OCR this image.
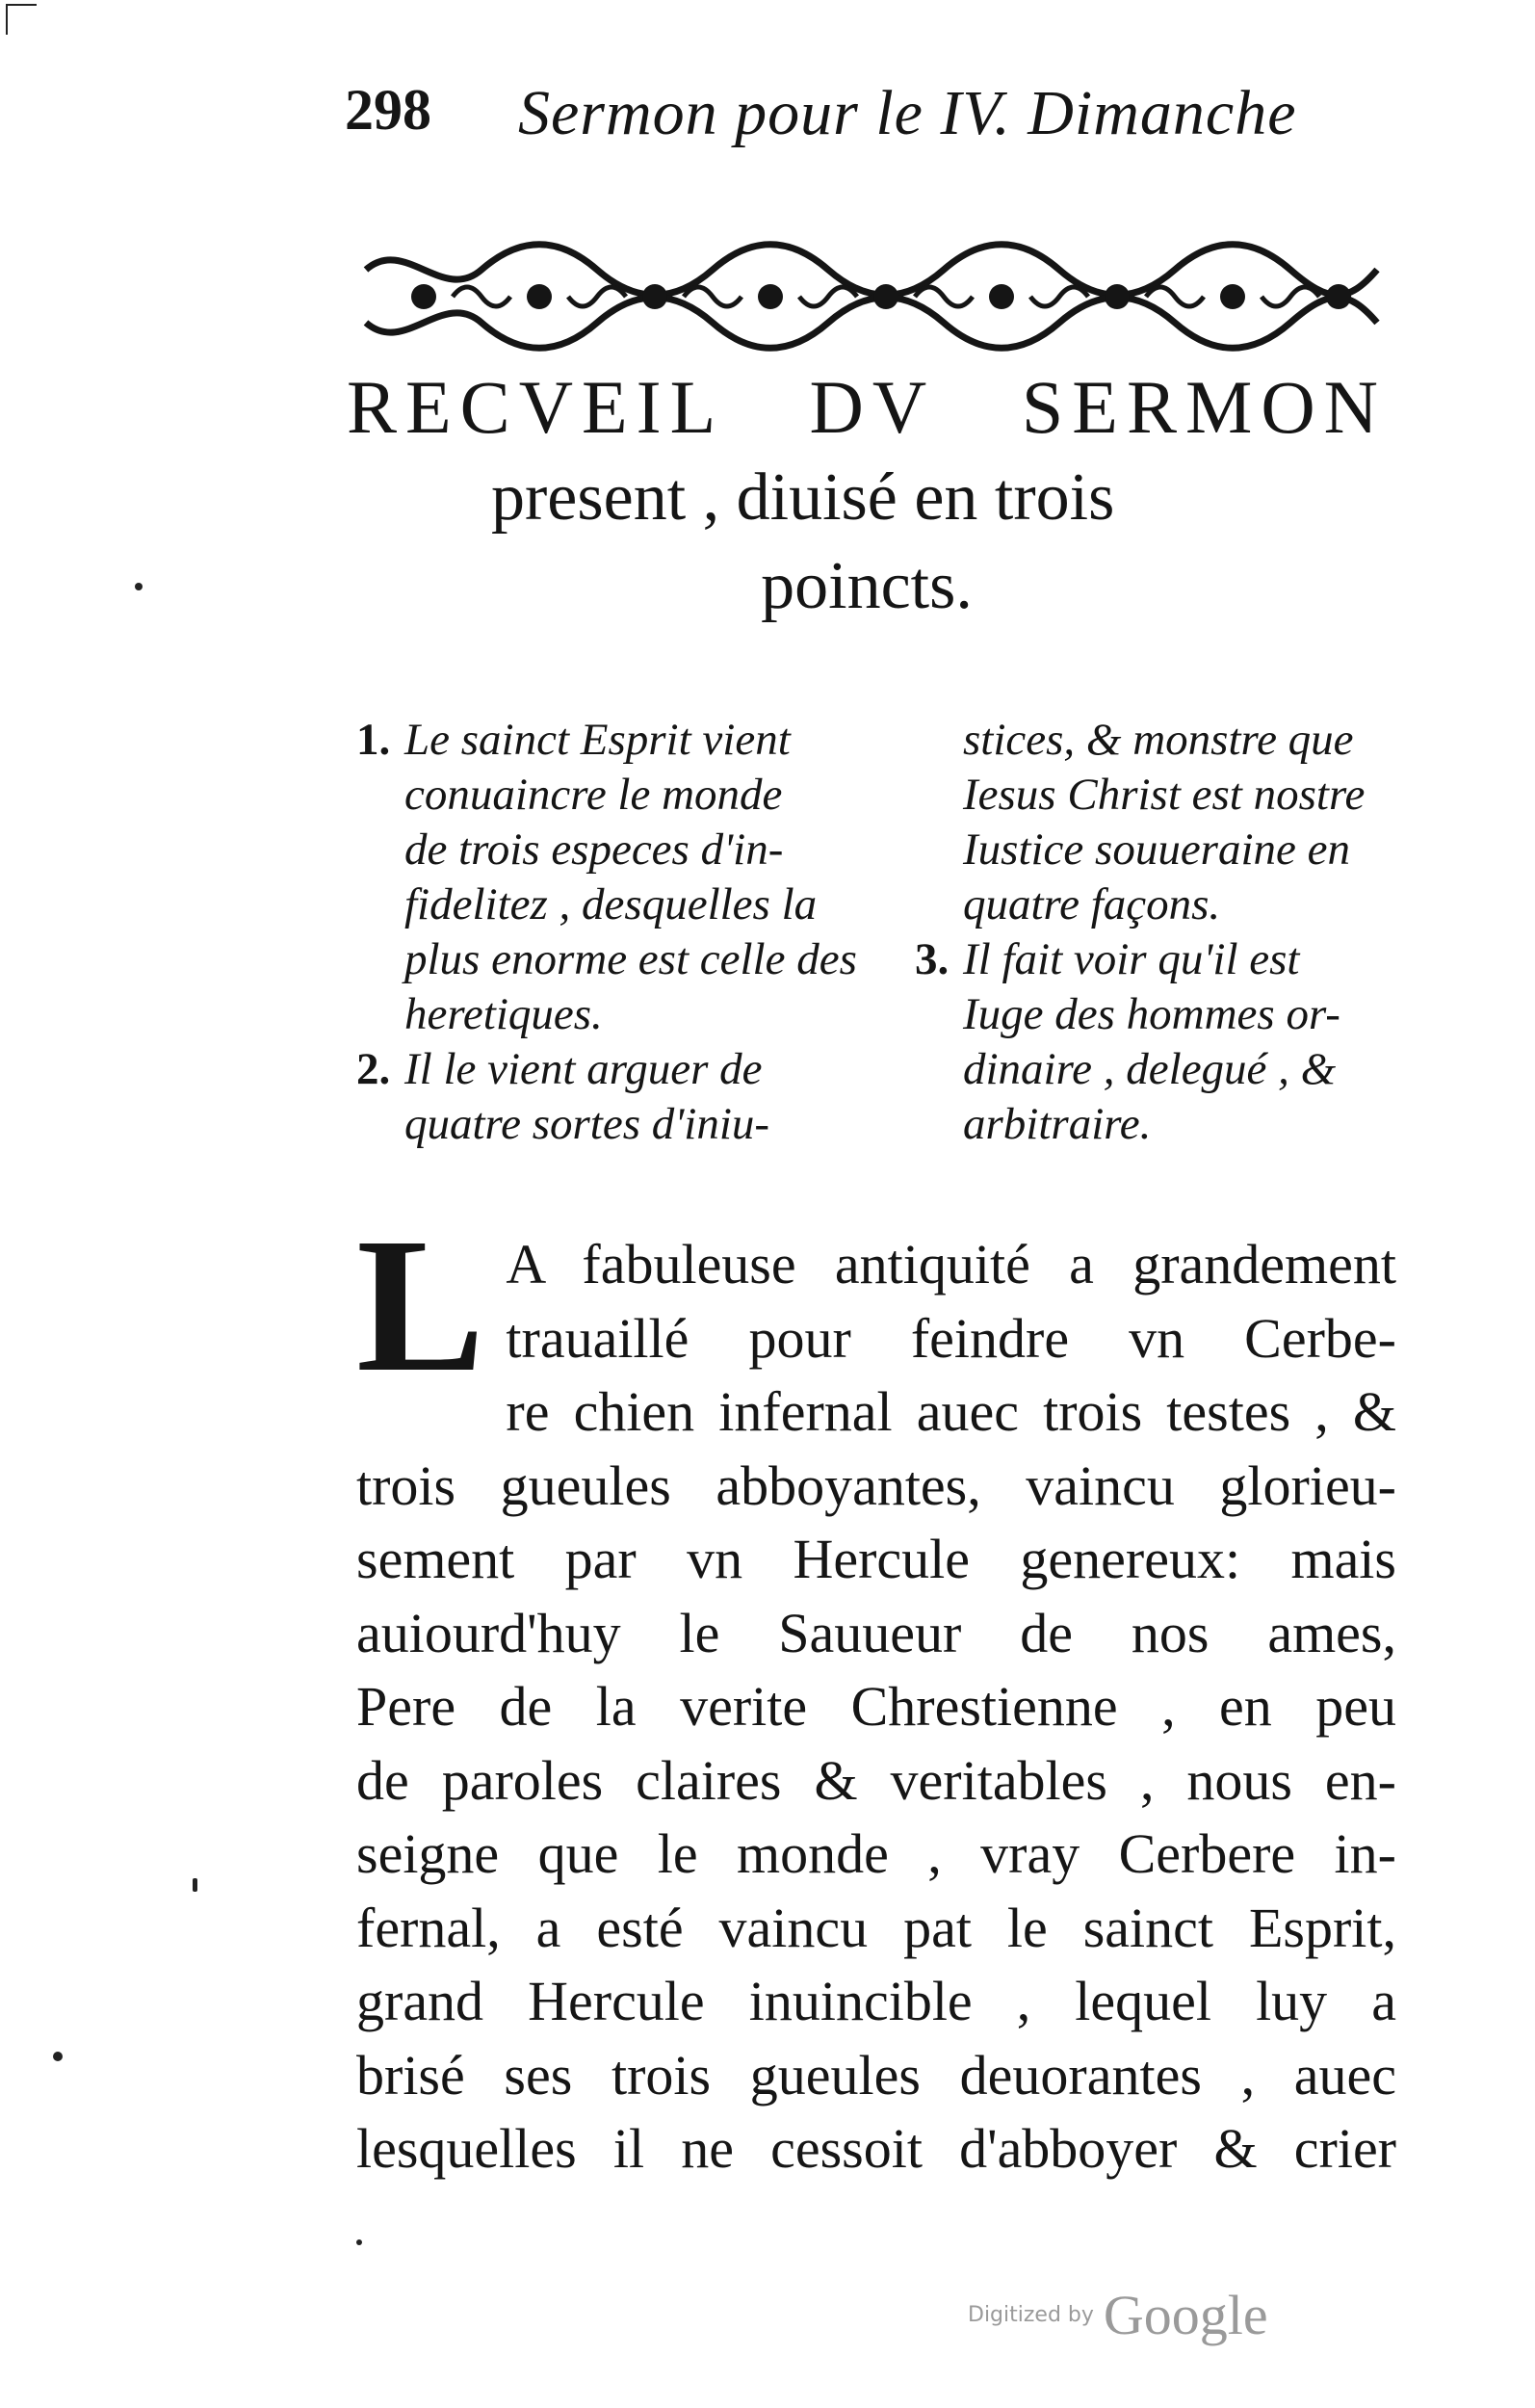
298 Sermon pour le IV. Dimanche
RECVEIL DV SERMON
present , diuisé en trois
poincts.
1. Le sainct Esprit vient
conuaincre le monde
de trois especes d'in-
fidelitez , desquelles la
plus enorme est celle des
heretiques.
2. Il le vient arguer de
quatre sortes d'iniu-
stices, & monstre que
Iesus Christ est nostre
Iustice souueraine en
quatre façons.
3. Il fait voir qu'il est
Iuge des hommes or-
dinaire , delegué , &
arbitraire.
L A fabuleuse antiquité a grandement
trauaillé pour feindre vn Cerbe-
re chien infernal auec trois testes , &
trois gueules abboyantes, vaincu glorieu-
sement par vn Hercule genereux: mais
auiourd'huy le Sauueur de nos ames,
Pere de la verite Chrestienne , en peu
de paroles claires & veritables , nous en-
seigne que le monde , vray Cerbere in-
fernal, a esté vaincu pat le sainct Esprit,
grand Hercule inuincible , lequel luy a
brisé ses trois gueules deuorantes , auec
lesquelles il ne cessoit d'abboyer & crier
Digitized by Google
